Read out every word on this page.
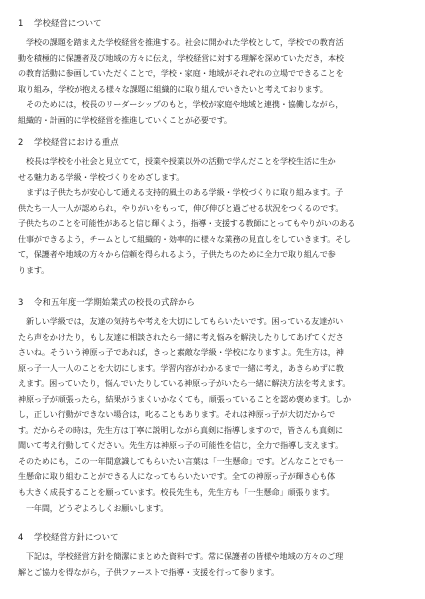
1 学校経営について
　学校の課題を踏まえた学校経営を推進する。社会に開かれた学校として，学校での教育活
動を積極的に保護者及び地域の方々に伝え，学校経営に対する理解を深めていただき，本校
の教育活動に参画していただくことで，学校・家庭・地域がそれぞれの立場でできることを
取り組み，学校が抱える様々な課題に組織的に取り組んでいきたいと考えております。
　そのためには，校長のリーダーシップのもと，学校が家庭や地域と連携・協働しながら，
組織的・計画的に学校経営を推進していくことが必要です。
2 学校経営における重点
　校長は学校を小社会と見立てて，授業や授業以外の活動で学んだことを学校生活に生か
せる魅力ある学級・学校づくりをめざします。
　まずは子供たちが安心して通える支持的風土のある学級・学校づくりに取り組みます。子
供たち一人一人が認められ，やりがいをもって，伸び伸びと過ごせる状況をつくるのです。
子供たちのことを可能性があると信じ輝くよう，指導・支援する教師にとってもやりがいのある
仕事ができるよう，チームとして組織的・効率的に様々な業務の見直しをしていきます。そし
て，保護者や地域の方々から信頼を得られるよう，子供たちのために全力で取り組んで参
ります。
3 令和五年度一学期始業式の校長の式辞から
　新しい学級では，友達の気持ちや考えを大切にしてもらいたいです。困っている友達がい
たら声をかけたり，もし友達に相談されたら一緒に考え悩みを解決したりしてあげてくださ
さいね。そういう神原っ子であれば，きっと素敵な学級・学校になりますよ。先生方は，神
原っ子一人一人のことを大切にします。学習内容がわかるまで一緒に考え，あきらめずに教
えます。困っていたり，悩んでいたりしている神原っ子がいたら一緒に解決方法を考えます。
神原っ子が頑張ったら，結果がうまくいかなくても，頑張っていることを認め褒めます。しか
し，正しい行動ができない場合は，叱ることもあります。それは神原っ子が大切だからで
す。だからその時は，先生方は丁寧に説明しながら真剣に指導しますので，皆さんも真剣に
聞いて考え行動してください。先生方は神原っ子の可能性を信じ，全力で指導し支えます。
そのためにも，この一年間意識してもらいたい言葉は「一生懸命」です。どんなことでも一
生懸命に取り組むことができる人になってもらいたいです。全ての神原っ子が輝き心も体
も大きく成長することを願っています。校長先生も，先生方も「一生懸命」頑張ります。
　一年間，どうぞよろしくお願いします。
4 学校経営方針について
　下記は，学校経営方針を簡潔にまとめた資料です。常に保護者の皆様や地域の方々のご理
解とご協力を得ながら，子供ファーストで指導・支援を行って参ります。
